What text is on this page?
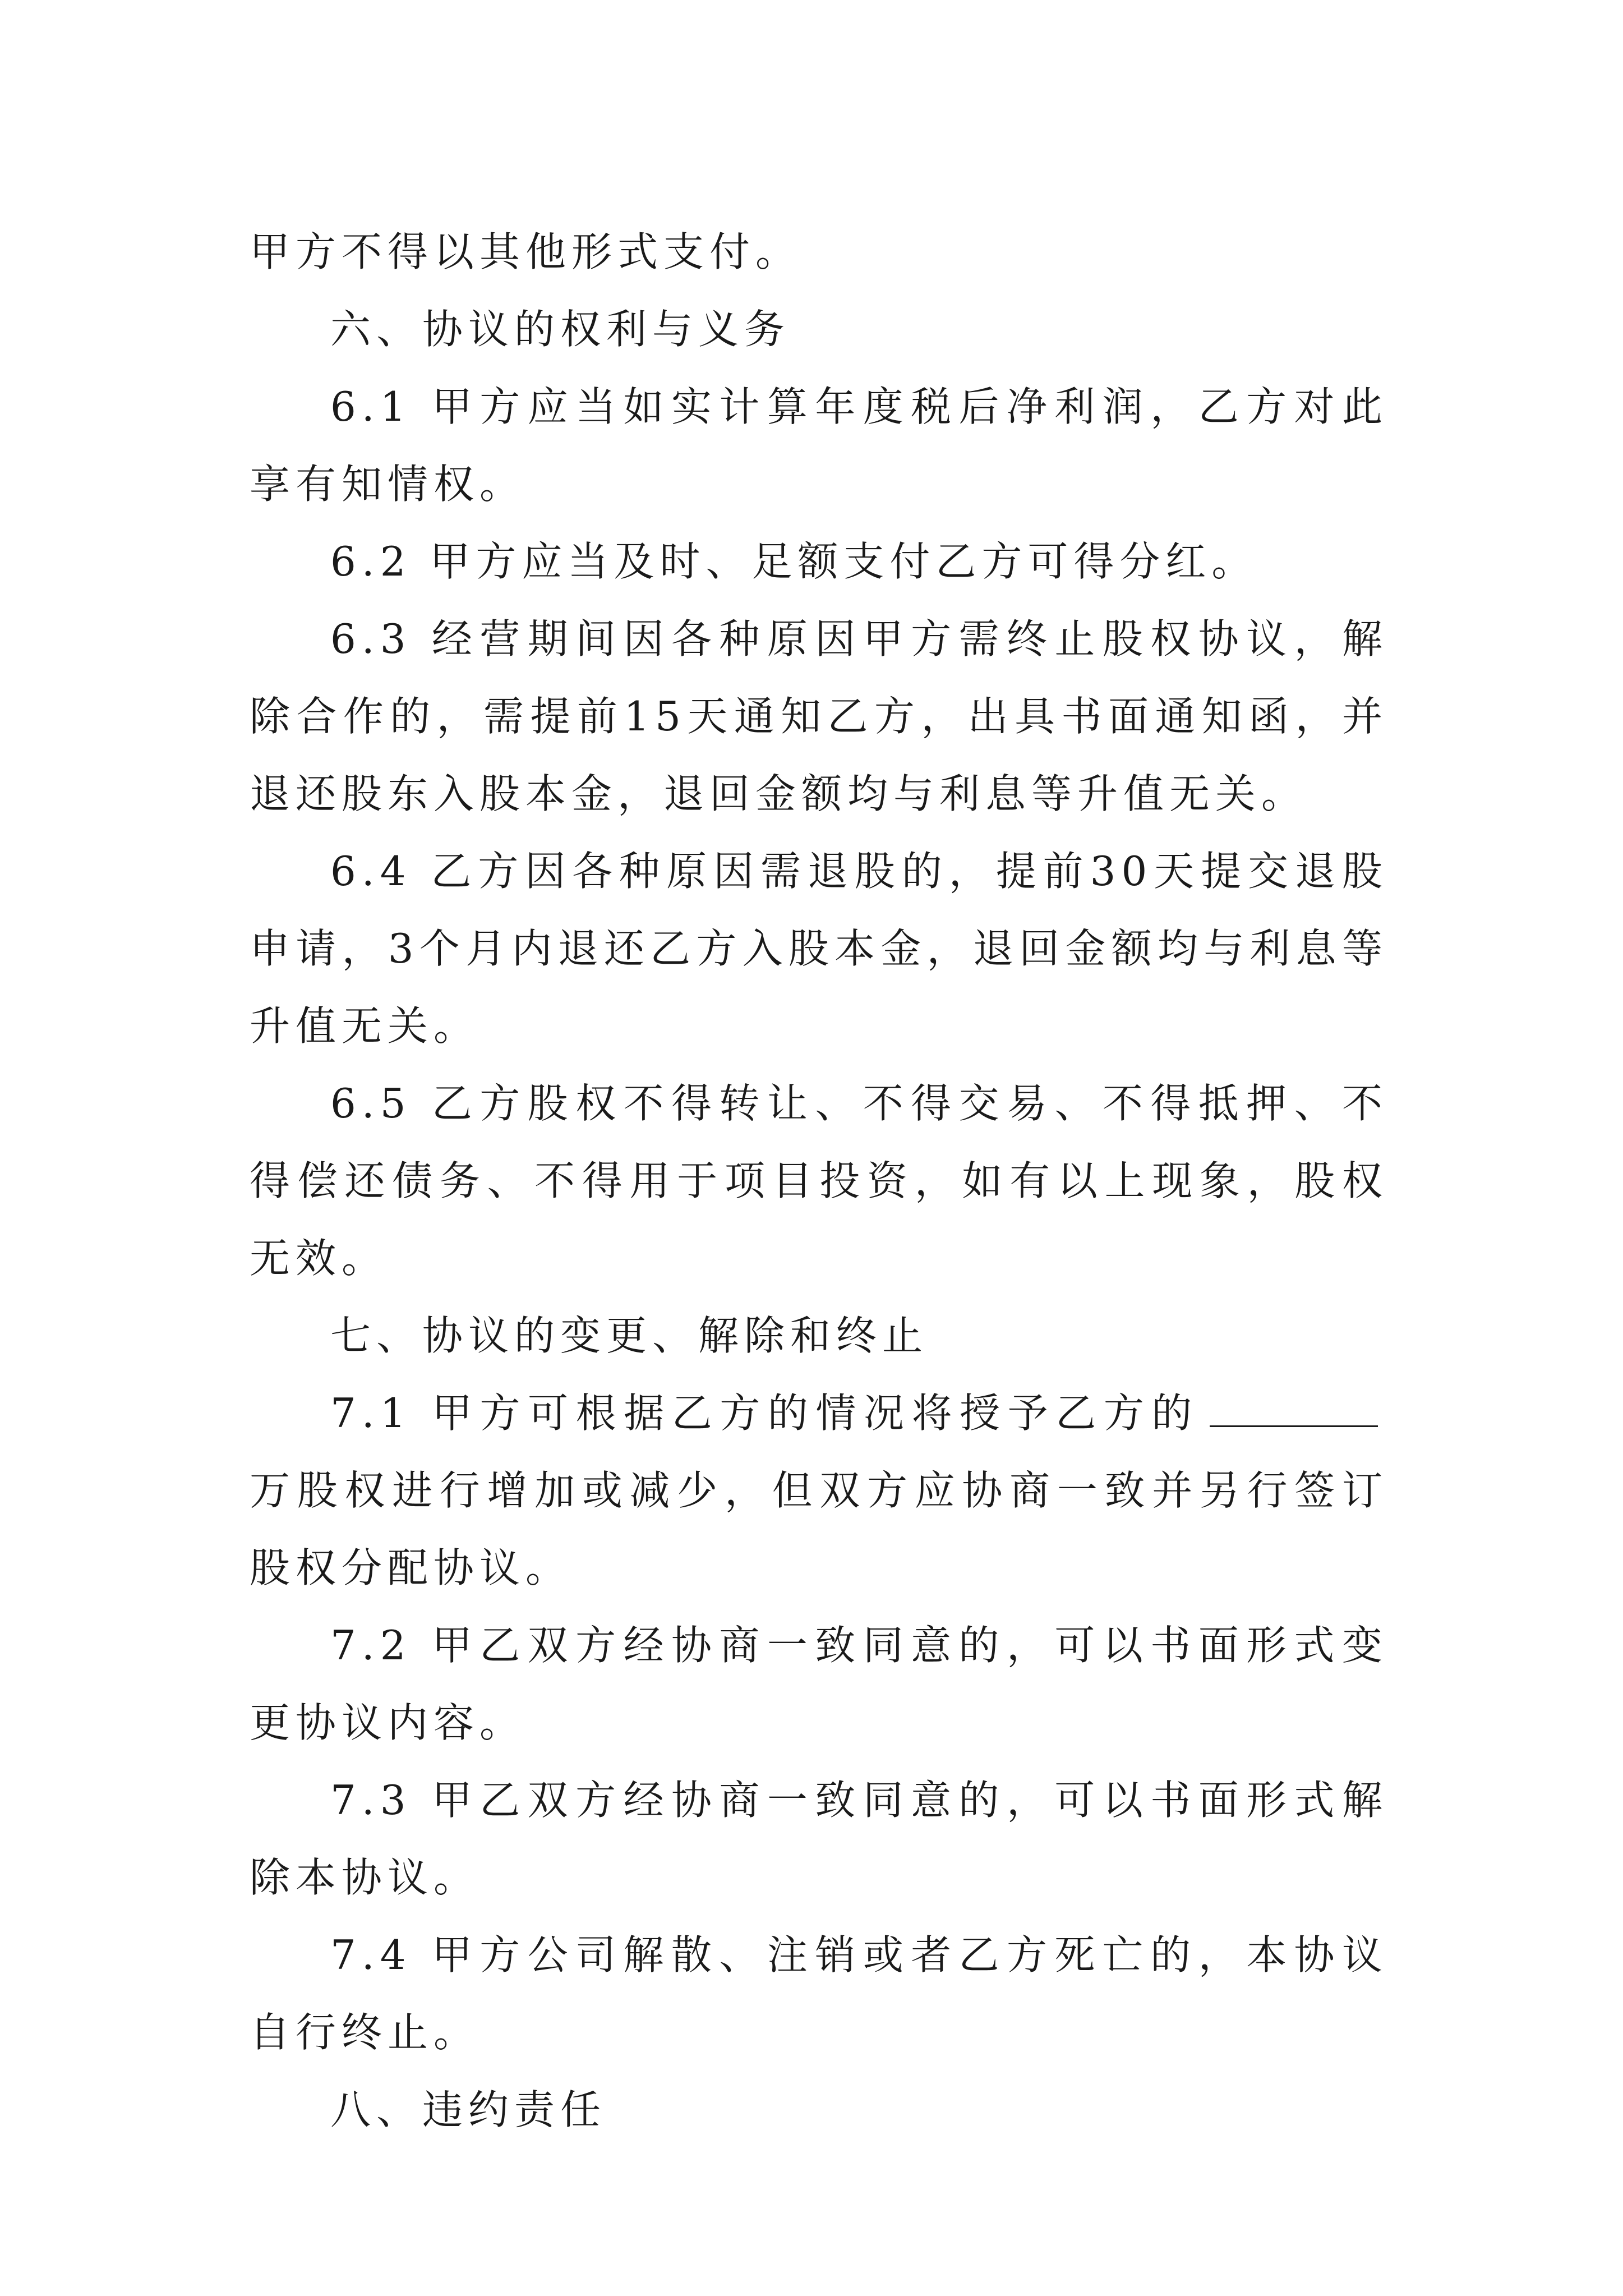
甲方不得以其他形式支付。

六、协议的权利与义务

6.1 甲方应当如实计算年度税后净利润，乙方对此享有知情权。

6.2 甲方应当及时、足额支付乙方可得分红。

6.3 经营期间因各种原因甲方需终止股权协议，解除合作的，需提前15天通知乙方，出具书面通知函，并退还股东入股本金，退回金额均与利息等升值无关。

6.4 乙方因各种原因需退股的，提前30天提交退股申请，3个月内退还乙方入股本金，退回金额均与利息等升值无关。

6.5 乙方股权不得转让、不得交易、不得抵押、不得偿还债务、不得用于项目投资，如有以上现象，股权无效。

七、协议的变更、解除和终止

7.1 甲方可根据乙方的情况将授予乙方的万股权进行增加或减少，但双方应协商一致并另行签订股权分配协议。

7.2 甲乙双方经协商一致同意的，可以书面形式变更协议内容。

7.3 甲乙双方经协商一致同意的，可以书面形式解除本协议。

7.4 甲方公司解散、注销或者乙方死亡的，本协议自行终止。

八、违约责任
